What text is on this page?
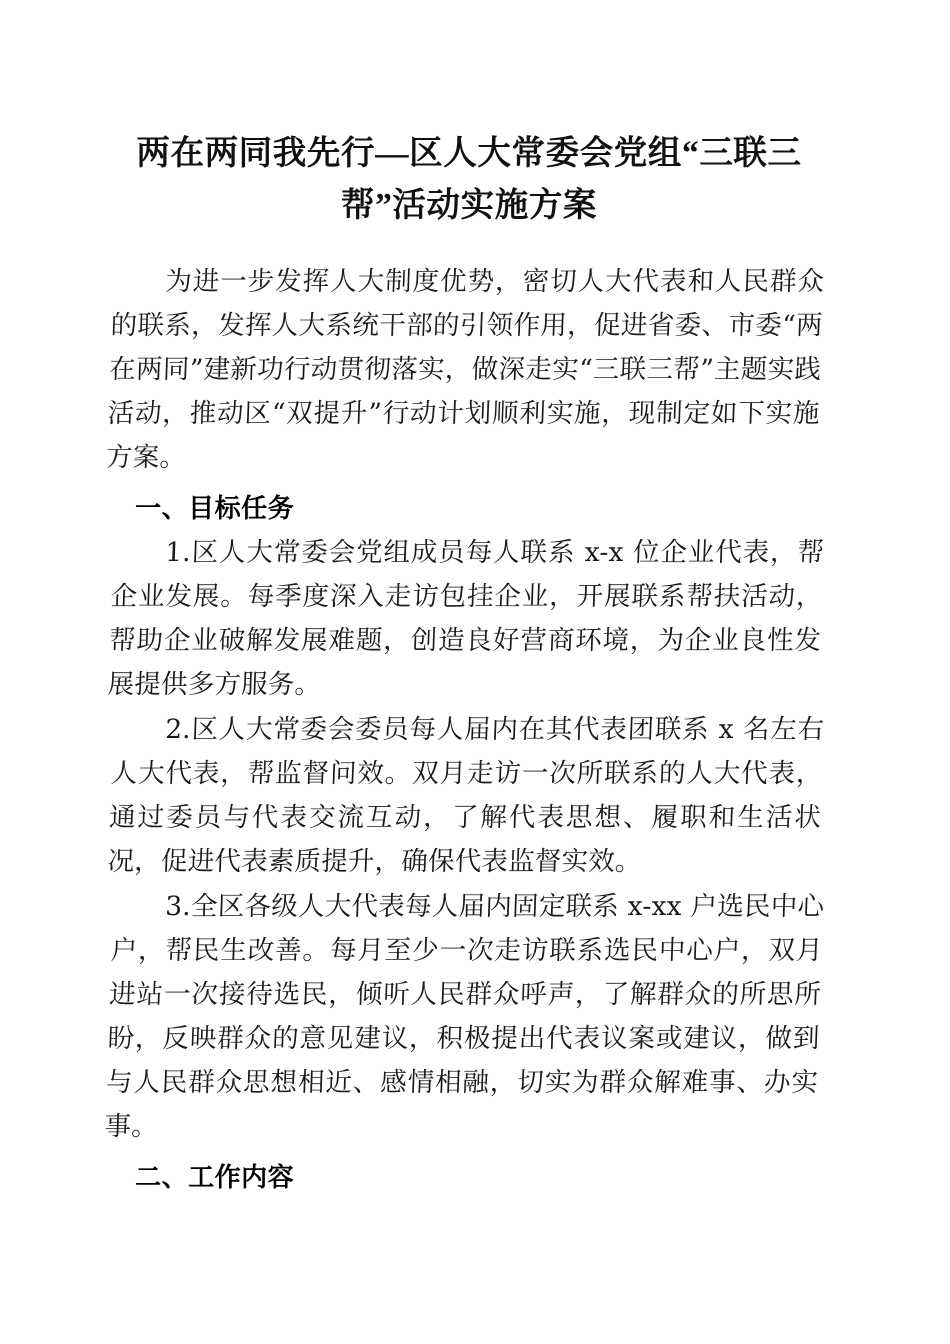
两在两同我先行—区人大常委会党组“三联三
帮”活动实施方案

为进一步发挥人大制度优势，密切人大代表和人民群众的联系，发挥人大系统干部的引领作用，促进省委、市委“两在两同”建新功行动贯彻落实，做深走实“三联三帮”主题实践活动，推动区“双提升”行动计划顺利实施，现制定如下实施方案。

一、目标任务

1.区人大常委会党组成员每人联系 x-x 位企业代表，帮企业发展。每季度深入走访包挂企业，开展联系帮扶活动，帮助企业破解发展难题，创造良好营商环境，为企业良性发展提供多方服务。

2.区人大常委会委员每人届内在其代表团联系 x 名左右人大代表，帮监督问效。双月走访一次所联系的人大代表，通过委员与代表交流互动，了解代表思想、履职和生活状况，促进代表素质提升，确保代表监督实效。

3.全区各级人大代表每人届内固定联系 x-xx 户选民中心户，帮民生改善。每月至少一次走访联系选民中心户，双月进站一次接待选民，倾听人民群众呼声，了解群众的所思所盼，反映群众的意见建议，积极提出代表议案或建议，做到与人民群众思想相近、感情相融，切实为群众解难事、办实事。

二、工作内容
